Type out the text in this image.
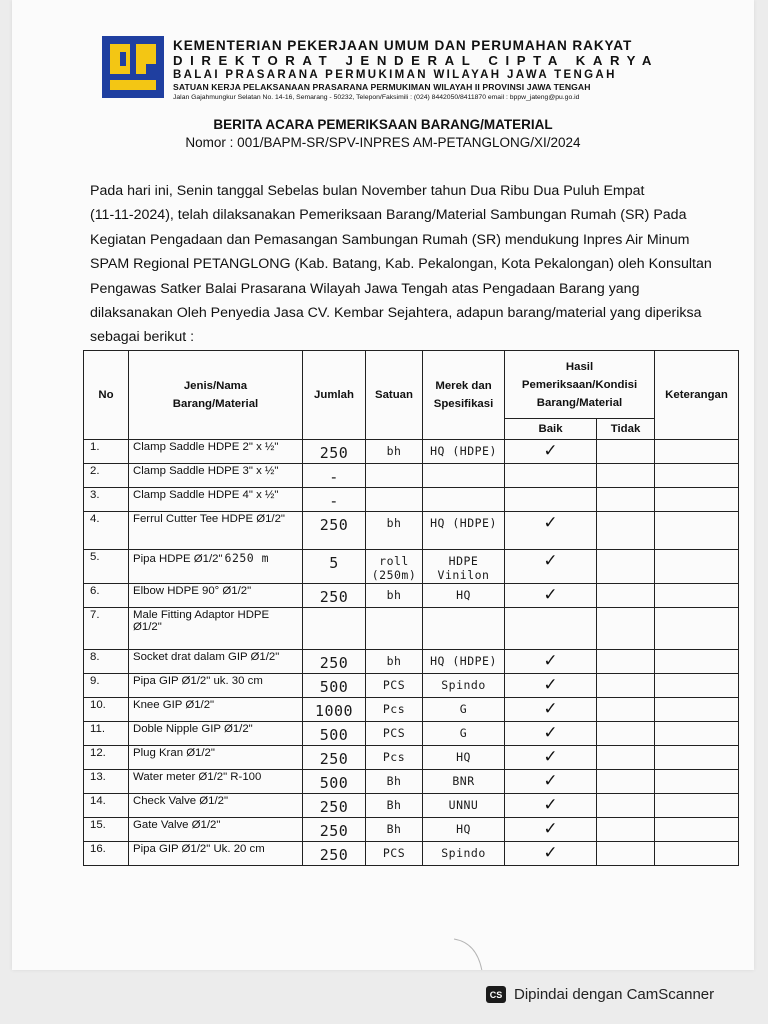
KEMENTERIAN PEKERJAAN UMUM DAN PERUMAHAN RAKYAT
DIREKTORAT JENDERAL CIPTA KARYA
BALAI PRASARANA PERMUKIMAN WILAYAH JAWA TENGAH
SATUAN KERJA PELAKSANAAN PRASARANA PERMUKIMAN WILAYAH II PROVINSI JAWA TENGAH
Jalan Gajahmungkur Selatan No. 14-16, Semarang - 50232, Telepon/Faksimili : (024) 8442050/8411870 email : bppw_jateng@pu.go.id
BERITA ACARA PEMERIKSAAN BARANG/MATERIAL
Nomor : 001/BAPM-SR/SPV-INPRES AM-PETANGLONG/XI/2024
Pada hari ini, Senin tanggal Sebelas bulan November tahun Dua Ribu Dua Puluh Empat
(11-11-2024), telah dilaksanakan Pemeriksaan Barang/Material Sambungan Rumah (SR) Pada
Kegiatan Pengadaan dan Pemasangan Sambungan Rumah (SR) mendukung Inpres Air Minum
SPAM Regional PETANGLONG (Kab. Batang, Kab. Pekalongan, Kota Pekalongan) oleh Konsultan
Pengawas Satker Balai Prasarana Wilayah Jawa Tengah atas Pengadaan Barang yang
dilaksanakan Oleh Penyedia Jasa CV. Kembar Sejahtera, adapun barang/material yang diperiksa
sebagai berikut :
No	Jenis/Nama Barang/Material	Jumlah	Satuan	Merek dan Spesifikasi	Hasil Pemeriksaan/Kondisi Barang/Material		Keterangan
					Baik	Tidak	
1.	Clamp Saddle HDPE 2" x ½"	250	bh	HQ (HDPE)	✓		

2.	Clamp Saddle HDPE 3" x ½"	-					

3.	Clamp Saddle HDPE 4" x ½"	-					

4.	Ferrul Cutter Tee HDPE Ø1/2"	250	bh	HQ (HDPE)	✓		

5.	Pipa HDPE Ø1/2" 6250 m	5	roll (250m)	HDPE Vinilon	✓		

6.	Elbow HDPE 90° Ø1/2"	250	bh	HQ	✓		

7.	Male Fitting Adaptor HDPE Ø1/2"	

8.	Socket drat dalam GIP Ø1/2"	250	bh	HQ (HDPE)	✓		

9.	Pipa GIP Ø1/2" uk. 30 cm	500	PCS	Spindo	✓		

10.	Knee GIP Ø1/2"	1000	Pcs	G	✓		

11.	Doble Nipple GIP Ø1/2"	500	PCS	G	✓		

12.	Plug Kran Ø1/2"	250	Pcs	HQ	✓		

13.	Water meter Ø1/2" R-100	500	Bh	BNR	✓		

14.	Check Valve Ø1/2"	250	Bh	UNNU	✓		

15.	Gate Valve Ø1/2"	250	Bh	HQ	✓		

16.	Pipa GIP Ø1/2" Uk. 20 cm	250	PCS	Spindo	✓		

CS Dipindai dengan CamScanner
